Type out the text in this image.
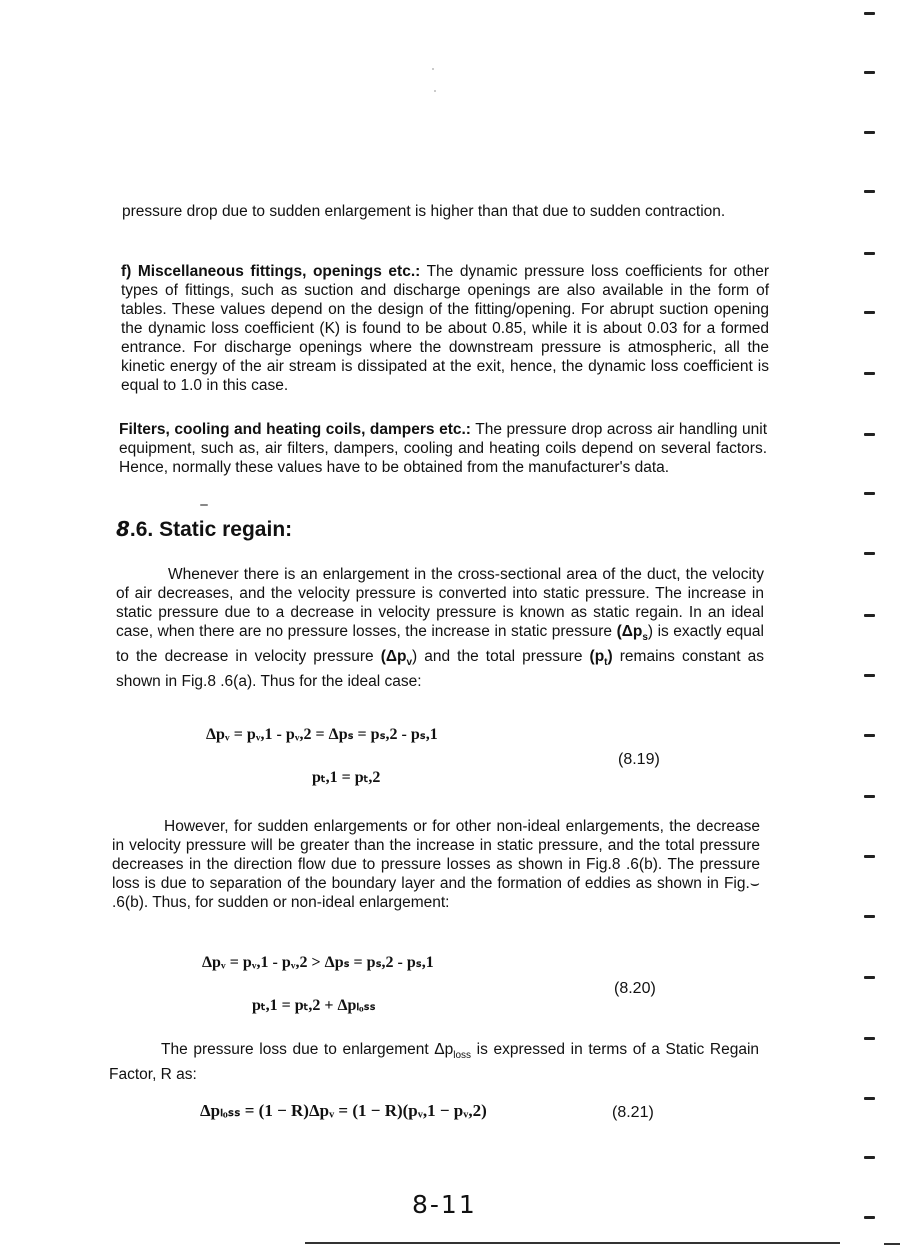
pressure drop due to sudden enlargement is higher than that due to sudden contraction.

f) Miscellaneous fittings, openings etc.: The dynamic pressure loss coefficients for other types of fittings, such as suction and discharge openings are also available in the form of tables. These values depend on the design of the fitting/opening. For abrupt suction opening the dynamic loss coefficient (K) is found to be about 0.85, while it is about 0.03 for a formed entrance. For discharge openings where the downstream pressure is atmospheric, all the kinetic energy of the air stream is dissipated at the exit, hence, the dynamic loss coefficient is equal to 1.0 in this case.

Filters, cooling and heating coils, dampers etc.: The pressure drop across air handling unit equipment, such as, air filters, dampers, cooling and heating coils depend on several factors. Hence, normally these values have to be obtained from the manufacturer's data.

8.6. Static regain:

Whenever there is an enlargement in the cross-sectional area of the duct, the velocity of air decreases, and the velocity pressure is converted into static pressure. The increase in static pressure due to a decrease in velocity pressure is known as static regain. In an ideal case, when there are no pressure losses, the increase in static pressure $(\Delta p_s)$ is exactly equal to the decrease in velocity pressure $(\Delta p_v)$ and the total pressure $(p_t)$ remains constant as shown in Fig.8 .6(a). Thus for the ideal case:

Δpᵥ = pᵥ,1 - pᵥ,2 = Δpₛ = pₛ,2 - pₛ,1
pₜ,1 = pₜ,2
(8.19)

However, for sudden enlargements or for other non-ideal enlargements, the decrease in velocity pressure will be greater than the increase in static pressure, and the total pressure decreases in the direction flow due to pressure losses as shown in Fig.8 .6(b). The pressure loss is due to separation of the boundary layer and the formation of eddies as shown in Fig.⌣ .6(b). Thus, for sudden or non-ideal enlargement:

Δpᵥ = pᵥ,1 - pᵥ,2 > Δpₛ = pₛ,2 - pₛ,1
pₜ,1 = pₜ,2 + Δpₗₒₛₛ
(8.20)

The pressure loss due to enlargement $\Delta p_{loss}$ is expressed in terms of a Static Regain Factor, R as:

Δpₗₒₛₛ = (1 − R)Δpᵥ = (1 − R)(pᵥ,1 − pᵥ,2)	(8.21)
8-11
